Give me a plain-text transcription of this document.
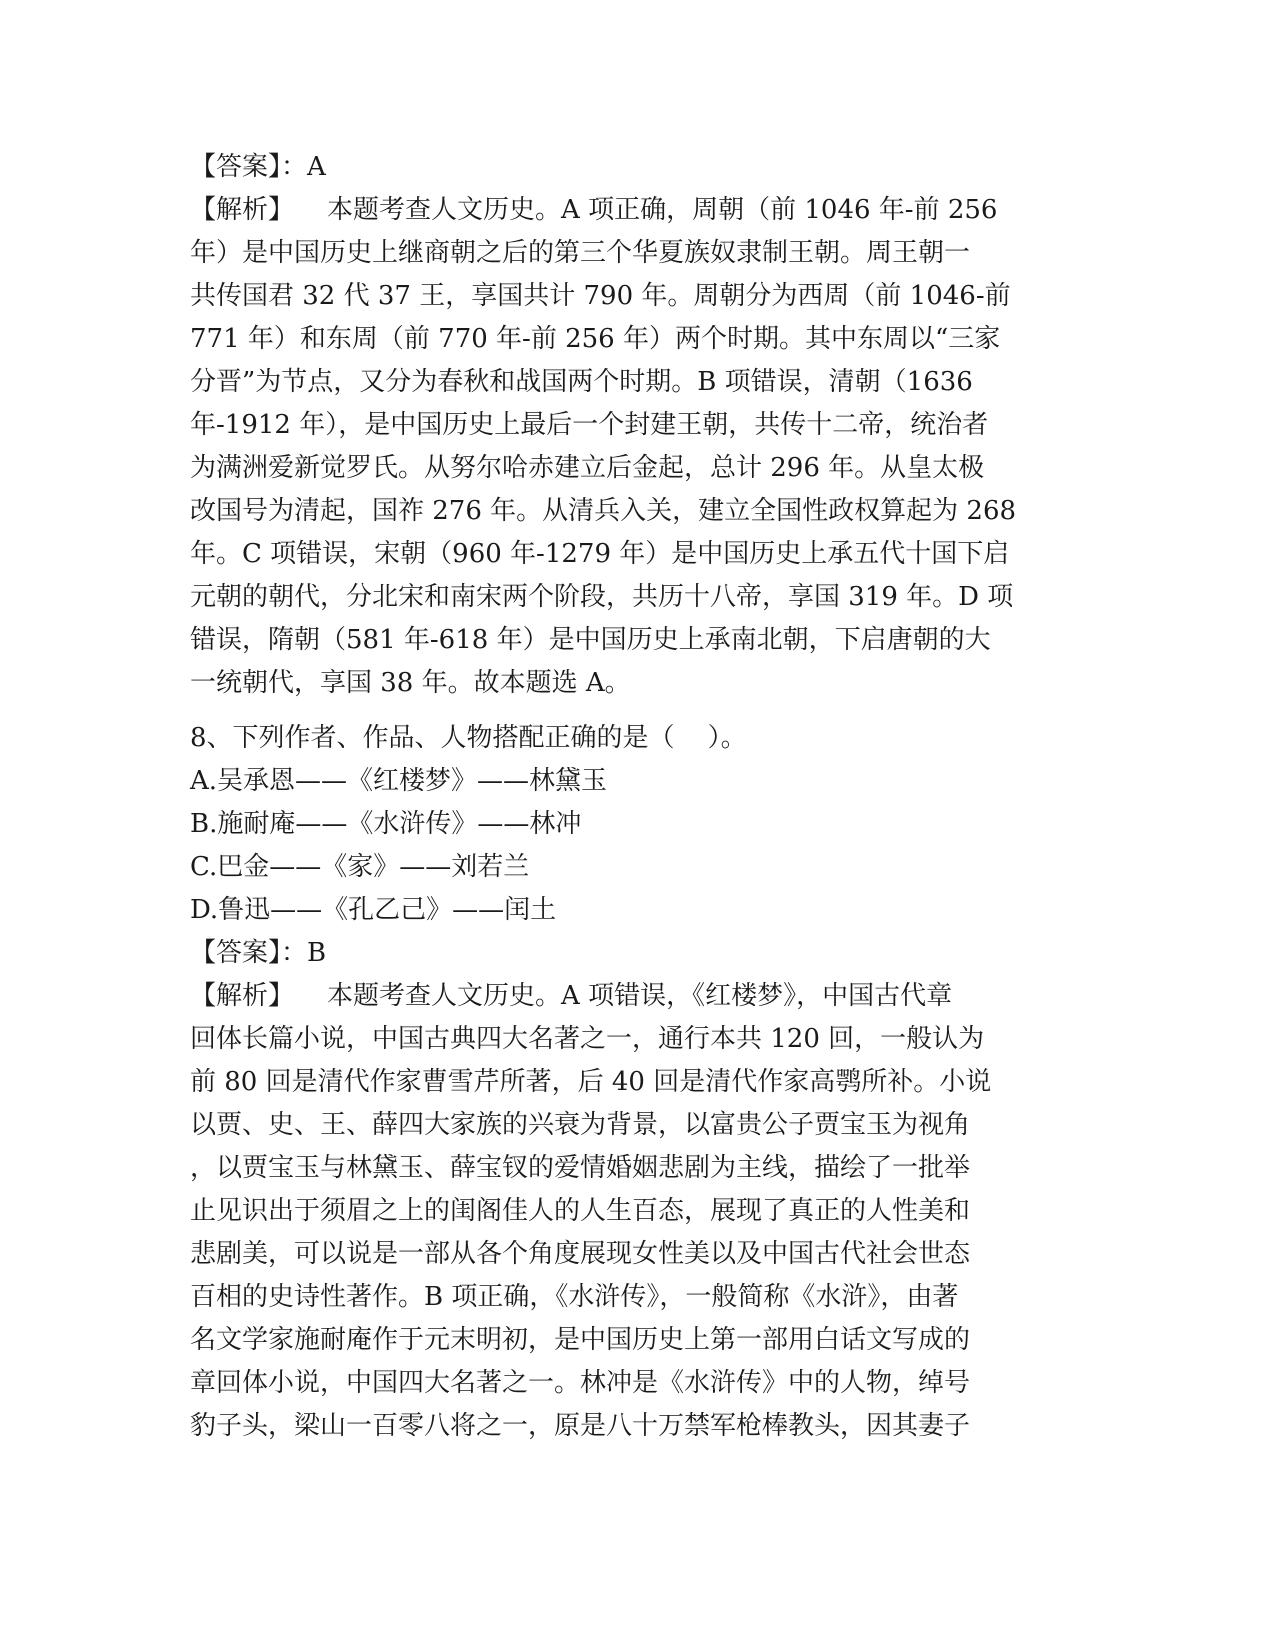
【答案】：A
【解析】    本题考查人文历史。A 项正确，周朝（前 1046 年-前 256
年）是中国历史上继商朝之后的第三个华夏族奴隶制王朝。周王朝一
共传国君 32 代 37 王，享国共计 790 年。周朝分为西周（前 1046-前
771 年）和东周（前 770 年-前 256 年）两个时期。其中东周以“三家
分晋”为节点，又分为春秋和战国两个时期。B 项错误，清朝（1636
年-1912 年），是中国历史上最后一个封建王朝，共传十二帝，统治者
为满洲爱新觉罗氏。从努尔哈赤建立后金起，总计 296 年。从皇太极
改国号为清起，国祚 276 年。从清兵入关，建立全国性政权算起为 268
年。C 项错误，宋朝（960 年-1279 年）是中国历史上承五代十国下启
元朝的朝代，分北宋和南宋两个阶段，共历十八帝，享国 319 年。D 项
错误，隋朝（581 年-618 年）是中国历史上承南北朝，下启唐朝的大
一统朝代，享国 38 年。故本题选 A。
8、下列作者、作品、人物搭配正确的是（    ）。
A.吴承恩——《红楼梦》——林黛玉
B.施耐庵——《水浒传》——林冲
C.巴金——《家》——刘若兰
D.鲁迅——《孔乙己》——闰土
【答案】：B
【解析】    本题考查人文历史。A 项错误，《红楼梦》，中国古代章
回体长篇小说，中国古典四大名著之一，通行本共 120 回，一般认为
前 80 回是清代作家曹雪芹所著，后 40 回是清代作家高鹗所补。小说
以贾、史、王、薛四大家族的兴衰为背景，以富贵公子贾宝玉为视角
，以贾宝玉与林黛玉、薛宝钗的爱情婚姻悲剧为主线，描绘了一批举
止见识出于须眉之上的闺阁佳人的人生百态，展现了真正的人性美和
悲剧美，可以说是一部从各个角度展现女性美以及中国古代社会世态
百相的史诗性著作。B 项正确，《水浒传》，一般简称《水浒》，由著
名文学家施耐庵作于元末明初，是中国历史上第一部用白话文写成的
章回体小说，中国四大名著之一。林冲是《水浒传》中的人物，绰号
豹子头，梁山一百零八将之一，原是八十万禁军枪棒教头，因其妻子
